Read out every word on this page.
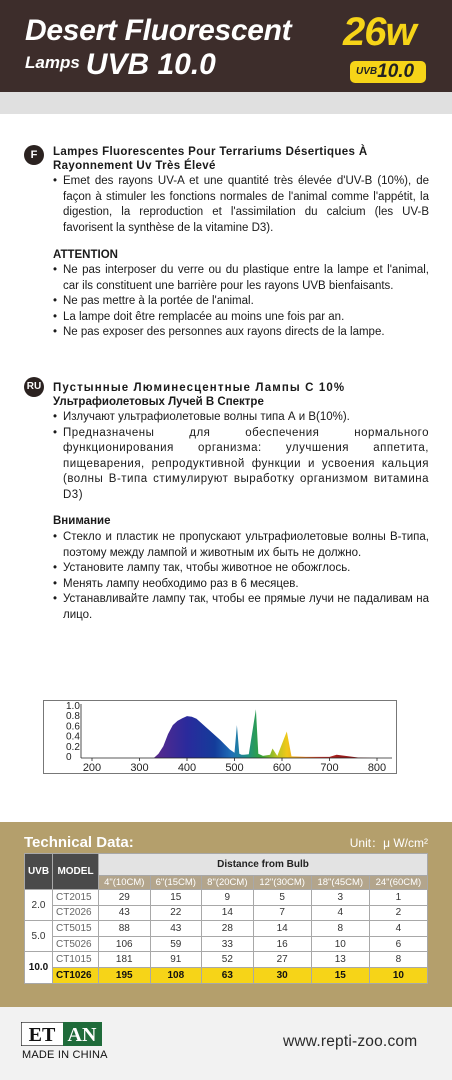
Desert Fluorescent
Lamps UVB 10.0
26w
UVB10.0
F	Lampes Fluorescentes Pour Terrariums Désertiques À
Rayonnement Uv Très Élevé
• Emet des rayons UV-A et une quantité très élevée d'UV-B (10%), de façon à stimuler les fonctions normales de l'animal comme l'appétit, la digestion, la reproduction et l'assimilation du calcium (les UV-B favorisent la synthèse de la vitamine D3).
ATTENTION
• Ne pas interposer du verre ou du plastique entre la lampe et l'animal, car ils constituent une barrière pour les rayons UVB bienfaisants.
• Ne pas mettre à la portée de l'animal.
• La lampe doit être remplacée au moins une fois par an.
• Ne pas exposer des personnes aux rayons directs de la lampe.
RU Пустынные Люминесцентные Лампы С 10%
Ультрафиолетовых Лучей В Спектре
• Излучают ультрафиолетовые волны типа А и В(10%).
• Предназначены для обеспечения нормального функционирования организма: улучшения аппетита, пищеварения, репродуктивной функции и усвоения кальция (волны В-типа стимулируют выработку организмом витамина D3)
Внимание
• Стекло и пластик не пропускают ультрафиолетовые волны В-типа, поэтому между лампой и животным их быть не должно.
• Установите лампу так, чтобы животное не обожглось.
• Менять лампу необходимо раз в 6 месяцев.
• Устанавливайте лампу так, чтобы ее прямые лучи не падаливам на лицо.
1.0
0.8
0.6
0.4
0.2
0
200	300	400	500	600	700	800
Technical Data:	Unit：μ W/cm²
UVB	MODEL	Distance from Bulb					
		4"(10CM)	6"(15CM)	8"(20CM)	12"(30CM)	18"(45CM)	24"(60CM)
2.0	CT2015	29	15	9	5	3	1
	CT2026	43	22	14	7	4	2
5.0	CT5015	88	43	28	14	8	4
	CT5026	106	59	33	16	10	6
10.0	CT1015	181	91	52	27	13	8
	CT1026	195	108	63	30	15	10
ET AN
MADE IN CHINA
www.repti-zoo.com
